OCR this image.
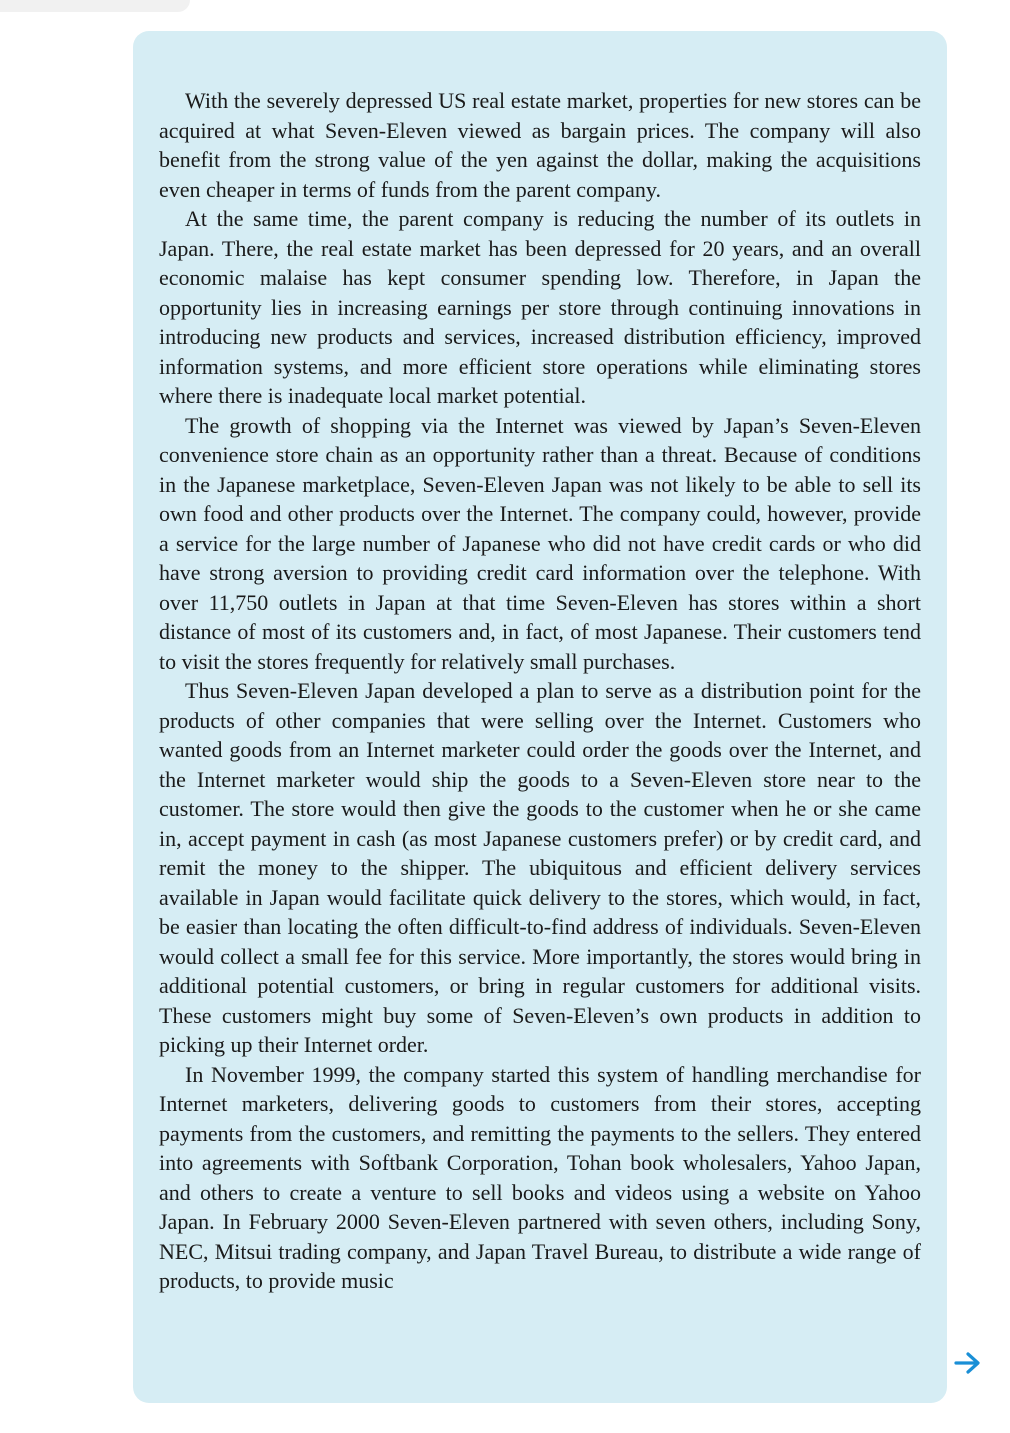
With the severely depressed US real estate market, properties for new stores can be acquired at what Seven-Eleven viewed as bargain prices. The company will also benefit from the strong value of the yen against the dollar, making the acquisitions even cheaper in terms of funds from the parent company.

At the same time, the parent company is reducing the number of its outlets in Japan. There, the real estate market has been depressed for 20 years, and an overall economic malaise has kept consumer spending low. Therefore, in Japan the opportunity lies in increasing earnings per store through continuing innovations in introducing new products and services, increased distribution efficiency, improved information systems, and more efficient store operations while eliminating stores where there is inadequate local market potential.

The growth of shopping via the Internet was viewed by Japan’s Seven-Eleven convenience store chain as an opportunity rather than a threat. Because of conditions in the Japanese marketplace, Seven-Eleven Japan was not likely to be able to sell its own food and other products over the Internet. The company could, however, provide a service for the large number of Japanese who did not have credit cards or who did have strong aversion to providing credit card information over the telephone. With over 11,750 outlets in Japan at that time Seven-Eleven has stores within a short distance of most of its customers and, in fact, of most Japanese. Their customers tend to visit the stores frequently for relatively small purchases.

Thus Seven-Eleven Japan developed a plan to serve as a distribution point for the products of other companies that were selling over the Internet. Customers who wanted goods from an Internet marketer could order the goods over the Internet, and the Internet marketer would ship the goods to a Seven-Eleven store near to the customer. The store would then give the goods to the customer when he or she came in, accept payment in cash (as most Japanese customers prefer) or by credit card, and remit the money to the shipper. The ubiquitous and efficient delivery services available in Japan would facilitate quick delivery to the stores, which would, in fact, be easier than locating the often difficult-to-find address of individuals. Seven-Eleven would collect a small fee for this service. More importantly, the stores would bring in additional potential customers, or bring in regular customers for additional visits. These customers might buy some of Seven-Eleven’s own products in addition to picking up their Internet order.

In November 1999, the company started this system of handling merchandise for Internet marketers, delivering goods to customers from their stores, accepting payments from the customers, and remitting the payments to the sellers. They entered into agreements with Softbank Corporation, Tohan book wholesalers, Yahoo Japan, and others to create a venture to sell books and videos using a website on Yahoo Japan. In February 2000 Seven-Eleven partnered with seven others, including Sony, NEC, Mitsui trading company, and Japan Travel Bureau, to distribute a wide range of products, to provide music
